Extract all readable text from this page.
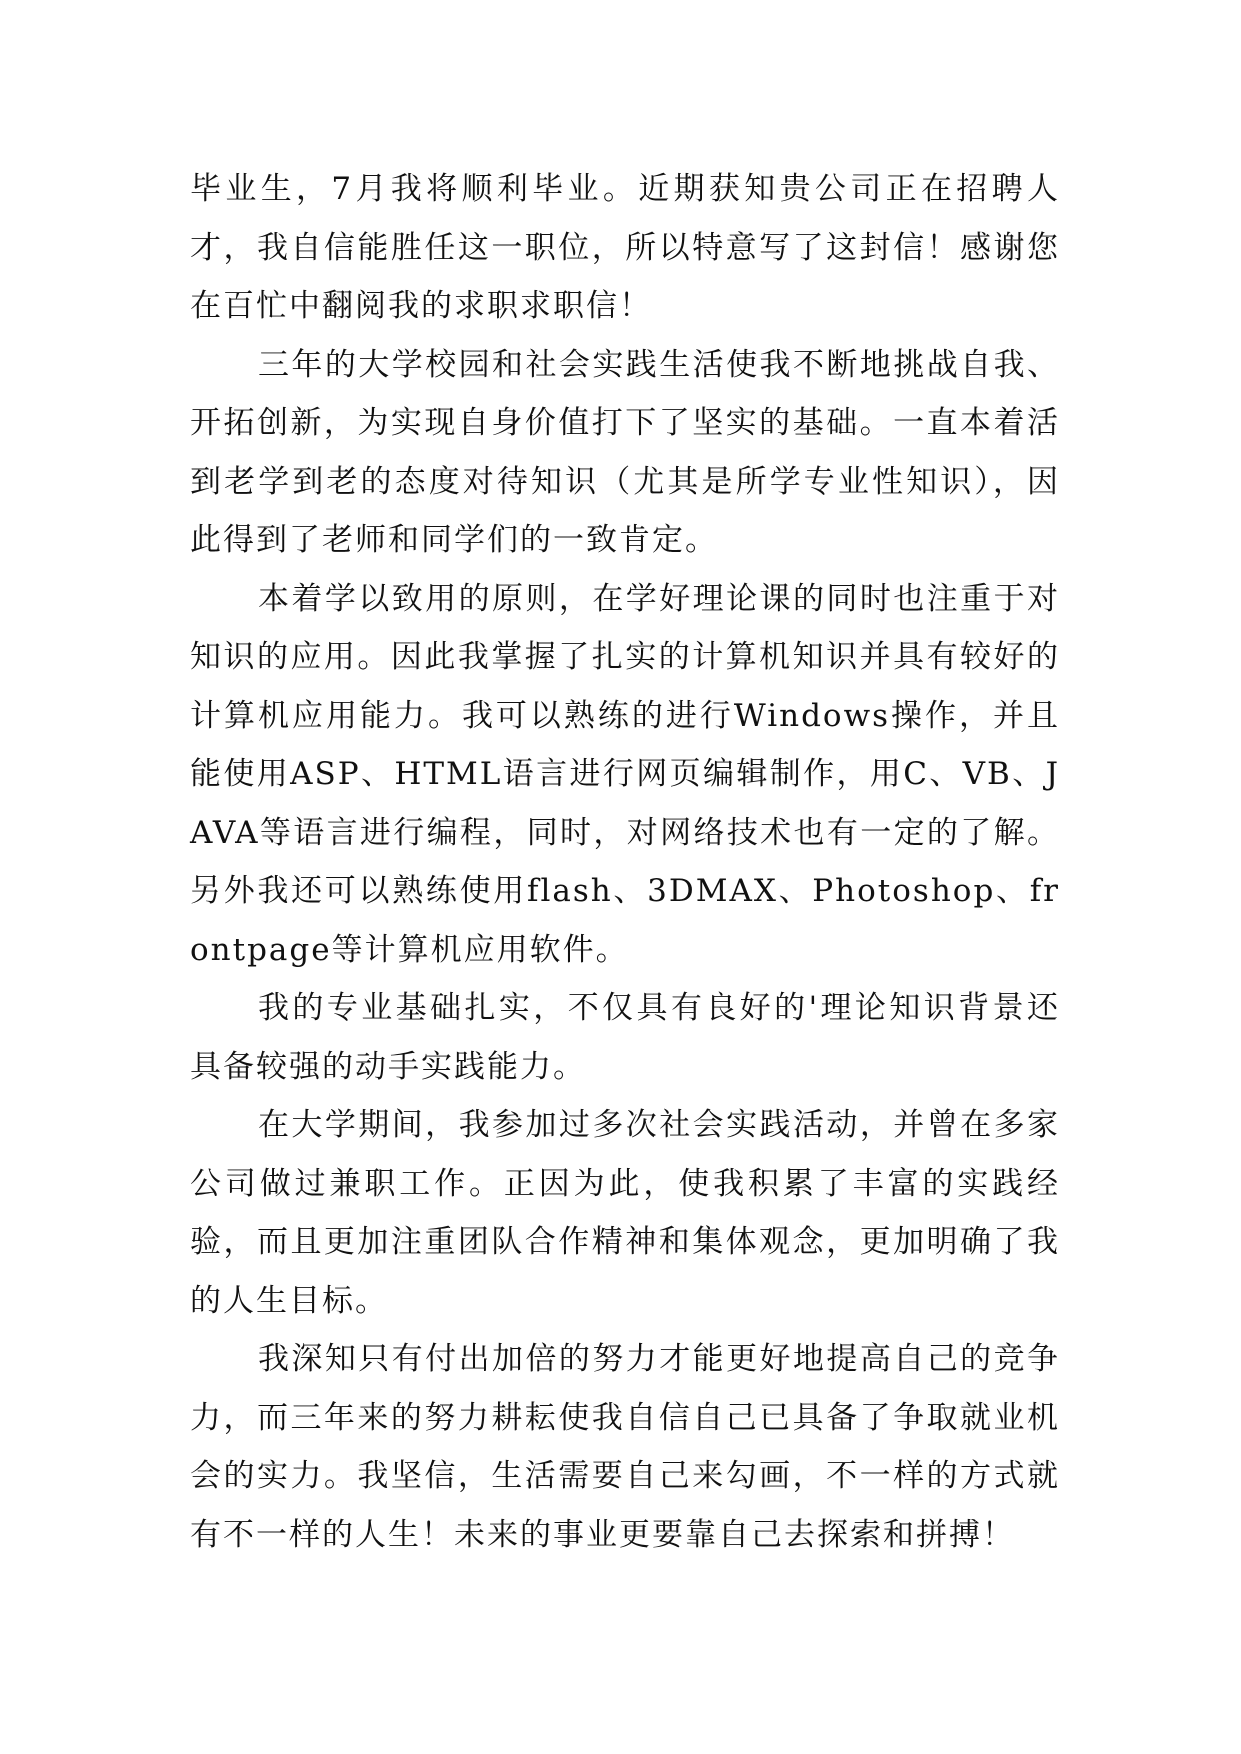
毕业生，7月我将顺利毕业。近期获知贵公司正在招聘人才，我自信能胜任这一职位，所以特意写了这封信！感谢您在百忙中翻阅我的求职求职信！

三年的大学校园和社会实践生活使我不断地挑战自我、开拓创新，为实现自身价值打下了坚实的基础。一直本着活到老学到老的态度对待知识（尤其是所学专业性知识），因此得到了老师和同学们的一致肯定。

本着学以致用的原则，在学好理论课的同时也注重于对知识的应用。因此我掌握了扎实的计算机知识并具有较好的计算机应用能力。我可以熟练的进行Windows操作，并且能使用ASP、HTML语言进行网页编辑制作，用C、VB、JAVA等语言进行编程，同时，对网络技术也有一定的了解。另外我还可以熟练使用flash、3DMAX、Photoshop、frontpage等计算机应用软件。

我的专业基础扎实，不仅具有良好的'理论知识背景还具备较强的动手实践能力。

在大学期间，我参加过多次社会实践活动，并曾在多家公司做过兼职工作。正因为此，使我积累了丰富的实践经验，而且更加注重团队合作精神和集体观念，更加明确了我的人生目标。

我深知只有付出加倍的努力才能更好地提高自己的竞争力，而三年来的努力耕耘使我自信自己已具备了争取就业机会的实力。我坚信，生活需要自己来勾画，不一样的方式就有不一样的人生！未来的事业更要靠自己去探索和拼搏！
